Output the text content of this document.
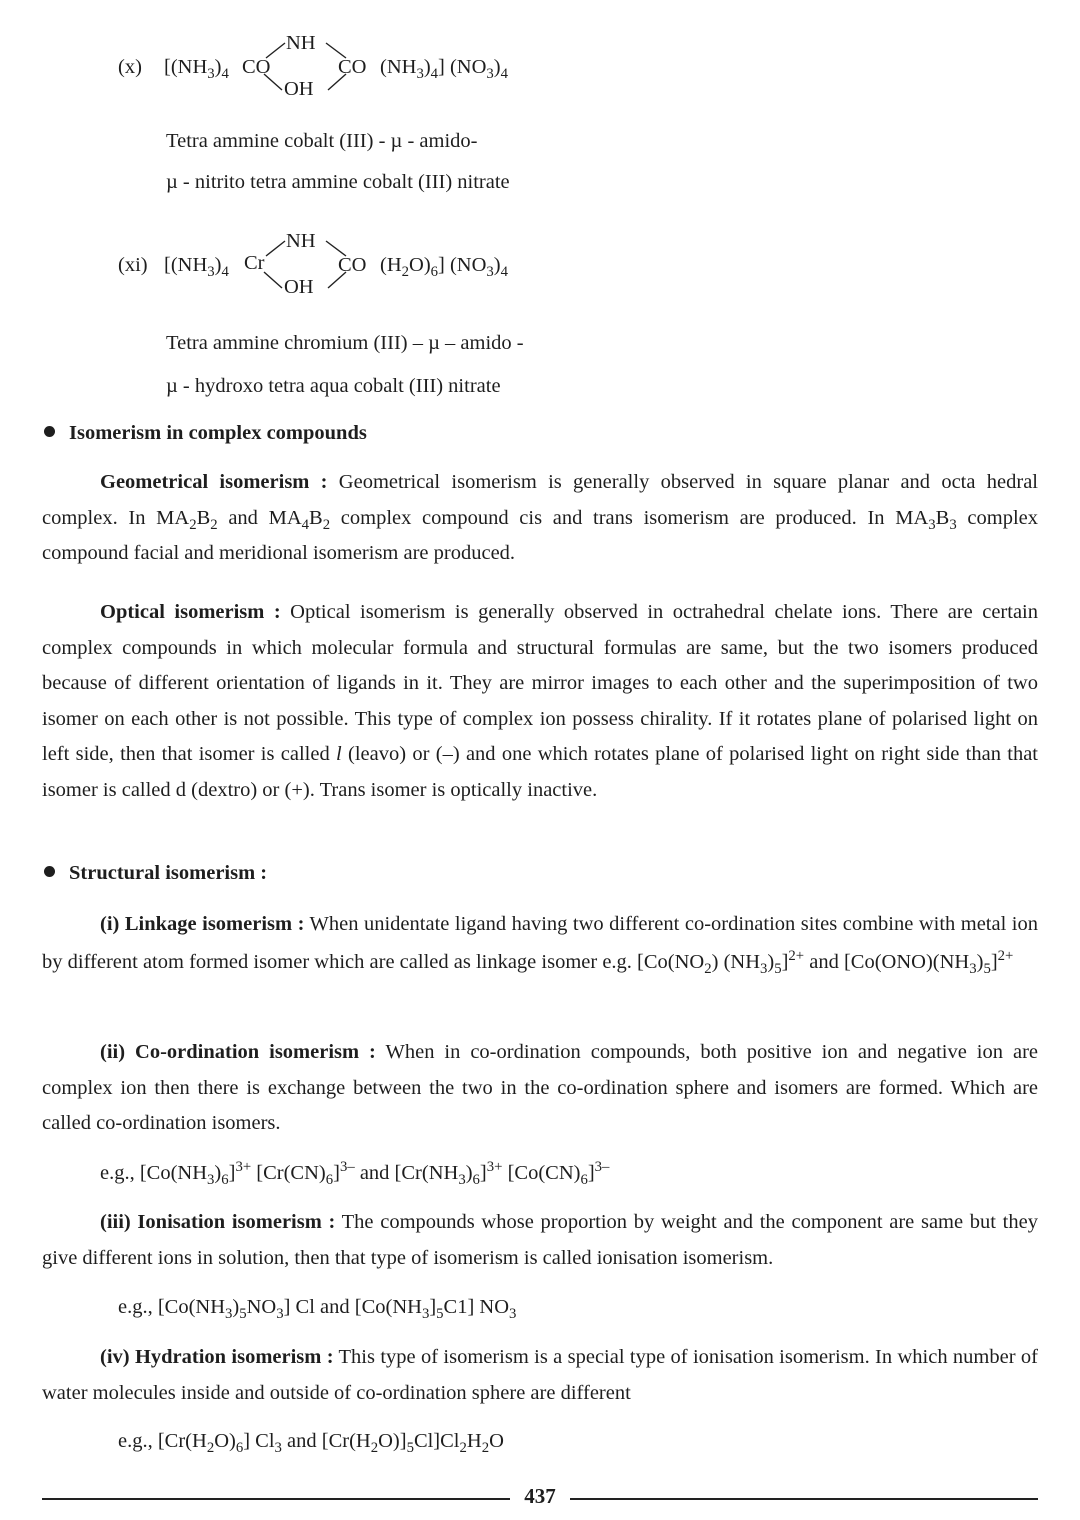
(x) [$(NH_3)_4$ CO
NH
OH
CO $(NH_3)_4$] $(NO_3)_4$
Tetra ammine cobalt (III) - µ - amido-
µ - nitrito tetra ammine cobalt (III) nitrate
(xi) [$(NH_3)_4$ Cr
NH
OH
CO $(H_2O)_6$] $(NO_3)_4$
Tetra ammine chromium (III) – µ – amido -
µ - hydroxo tetra aqua cobalt (III) nitrate
Isomerism in complex compounds

Geometrical isomerism : Geometrical isomerism is generally observed in square planar and octa hedral complex. In $MA_2B_2$ and $MA_4B_2$ complex compound cis and trans isomerism are produced. In $MA_3B_3$ complex compound facial and meridional isomerism are produced.

Optical isomerism : Optical isomerism is generally observed in octrahedral chelate ions. There are certain complex compounds in which molecular formula and structural formulas are same, but the two isomers produced because of different orientation of ligands in it. They are mirror images to each other and the superimposition of two isomer on each other is not possible. This type of complex ion possess chirality. If it rotates plane of polarised light on left side, then that isomer is called l (leavo) or (–) and one which rotates plane of polarised light on right side than that isomer is called d (dextro) or (+). Trans isomer is optically inactive.

Structural isomerism :

(i) Linkage isomerism : When unidentate ligand having two different co-ordination sites combine with metal ion by different atom formed isomer which are called as linkage isomer e.g. [$Co(NO_2)$ $(NH_3)_5]^{2+}$ and $[Co(ONO)(NH_3)_5]^{2+}$

(ii) Co-ordination isomerism : When in co-ordination compounds, both positive ion and negative ion are complex ion then there is exchange between the two in the co-ordination sphere and isomers are formed. Which are called co-ordination isomers.

e.g., $[Co(NH_3)_6]^{3+}$ $[Cr(CN)_6]^{3-}$ and $[Cr(NH_3)_6]^{3+}$ $[Co(CN)_6]^{3-}$

(iii) Ionisation isomerism : The compounds whose proportion by weight and the component are same but they give different ions in solution, then that type of isomerism is called ionisation isomerism.

e.g., $[Co(NH_3)_5NO_3]$ Cl and $[Co(NH_3]_5C1]$ $NO_3$

(iv) Hydration isomerism : This type of isomerism is a special type of ionisation isomerism. In which number of water molecules inside and outside of co-ordination sphere are different

e.g., $[Cr(H_2O)_6]$ $Cl_3$ and $[Cr(H_2O)]_5Cl]Cl_2H_2O$
437
